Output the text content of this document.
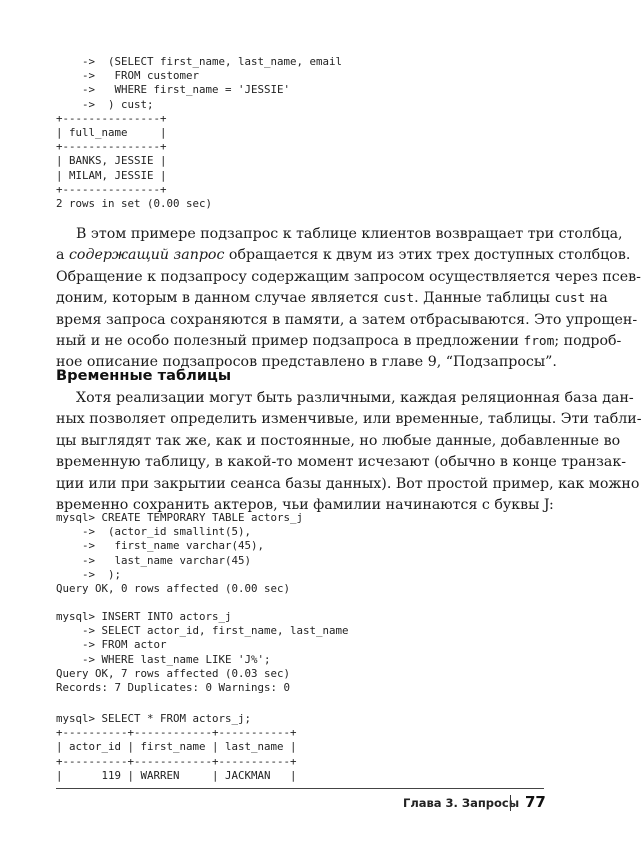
->  (SELECT first_name, last_name, email
->   FROM customer
->   WHERE first_name = 'JESSIE'
->  ) cust;
+---------------+
| full_name     |
+---------------+
| BANKS, JESSIE |
| MILAM, JESSIE |
+---------------+
2 rows in set (0.00 sec)

В этом примере подзапрос к таблице клиентов возвращает три столбца,

а содержащий запрос обращается к двум из этих трех доступных столбцов.

Обращение к подзапросу содержащим запросом осуществляется через псев-

доним, которым в данном случае является cust. Данные таблицы cust на

время запроса сохраняются в памяти, а затем отбрасываются. Это упрощен-

ный и не особо полезный пример подзапроса в предложении from; подроб-

ное описание подзапросов представлено в главе 9, “Подзапросы”.

Временные таблицы

Хотя реализации могут быть различными, каждая реляционная база дан-

ных позволяет определить изменчивые, или временные, таблицы. Эти табли-

цы выглядят так же, как и постоянные, но любые данные, добавленные во

временную таблицу, в какой-то момент исчезают (обычно в конце транзак-

ции или при закрытии сеанса базы данных). Вот простой пример, как можно

временно сохранить актеров, чьи фамилии начинаются с буквы J:

mysql> CREATE TEMPORARY TABLE actors_j
->  (actor_id smallint(5),
->   first_name varchar(45),
->   last_name varchar(45)
->  );
Query OK, 0 rows affected (0.00 sec)
mysql> INSERT INTO actors_j
-> SELECT actor_id, first_name, last_name
-> FROM actor
-> WHERE last_name LIKE 'J%';
Query OK, 7 rows affected (0.03 sec)
Records: 7 Duplicates: 0 Warnings: 0
mysql> SELECT * FROM actors_j;
+----------+------------+-----------+
| actor_id | first_name | last_name |
+----------+------------+-----------+
|      119 | WARREN     | JACKMAN   |
Глава 3. Запросы 77
